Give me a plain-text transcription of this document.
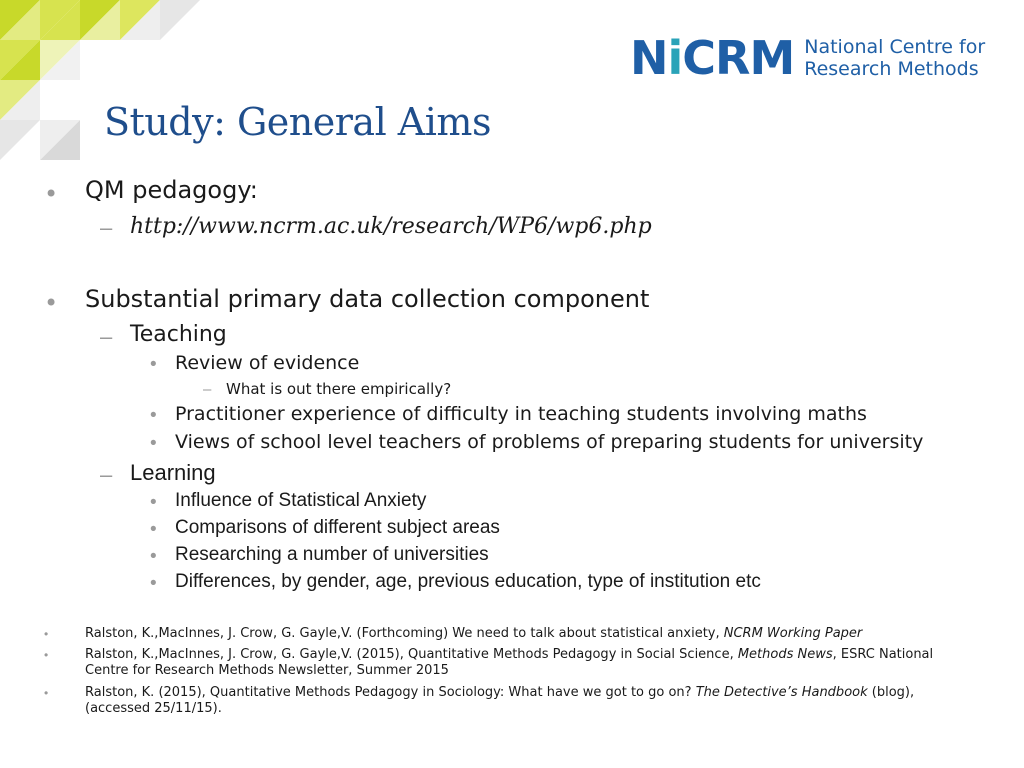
NiCRM National Centre for
Research Methods
Study: General Aims
• QM pedagogy:
– http://www.ncrm.ac.uk/research/WP6/wp6.php
• Substantial primary data collection component
– Teaching
• Review of evidence
– What is out there empirically?
• Practitioner experience of difficulty in teaching students involving maths
• Views of school level teachers of problems of preparing students for university
– Learning
• Influence of Statistical Anxiety
• Comparisons of different subject areas
• Researching a number of universities
• Differences, by gender, age, previous education, type of institution etc
•	Ralston, K.,MacInnes, J. Crow, G. Gayle,V. (Forthcoming) We need to talk about statistical anxiety, NCRM Working Paper
•	Ralston, K.,MacInnes, J. Crow, G. Gayle,V. (2015), Quantitative Methods Pedagogy in Social Science, Methods News, ESRC National Centre for Research Methods Newsletter, Summer 2015
•	Ralston, K. (2015), Quantitative Methods Pedagogy in Sociology: What have we got to go on? The Detective’s Handbook (blog), (accessed 25/11/15).
